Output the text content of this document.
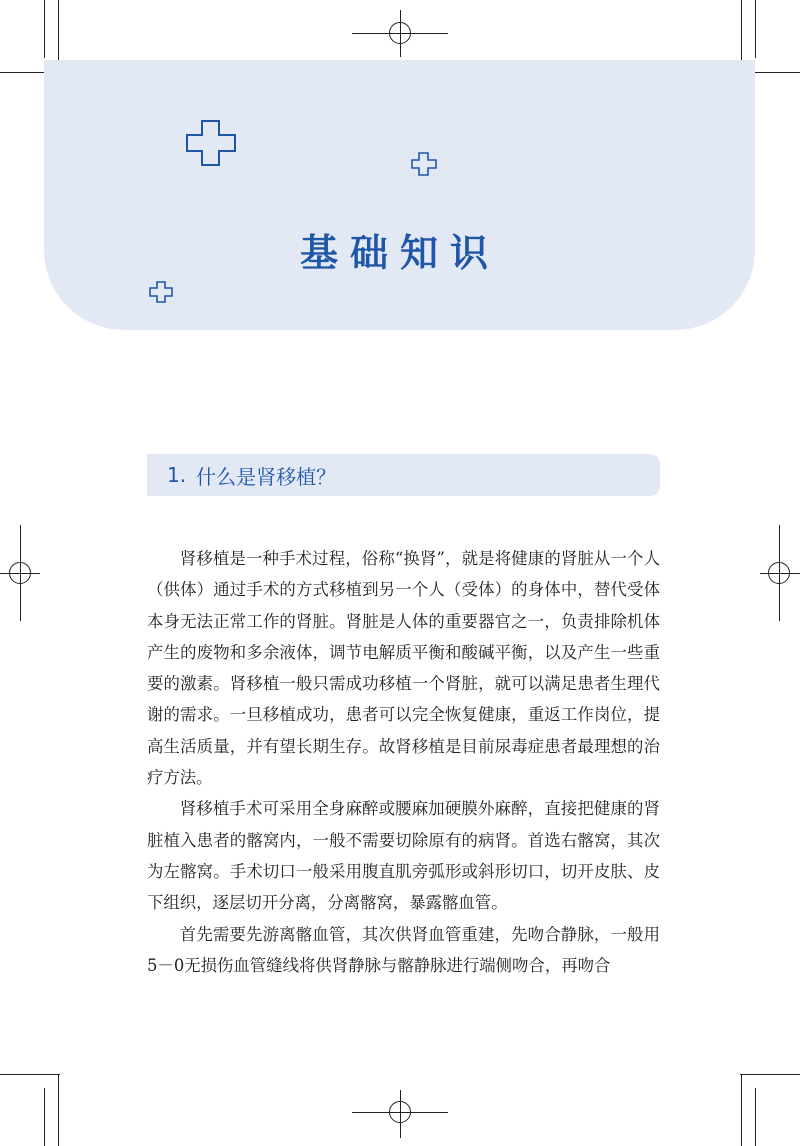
基础知识
1. 什么是肾移植？

肾移植是一种手术过程，俗称“换肾”，就是将健康的肾脏从一个人（供体）通过手术的方式移植到另一个人（受体）的身体中，替代受体本身无法正常工作的肾脏。肾脏是人体的重要器官之一，负责排除机体产生的废物和多余液体，调节电解质平衡和酸碱平衡，以及产生一些重要的激素。肾移植一般只需成功移植一个肾脏，就可以满足患者生理代谢的需求。一旦移植成功，患者可以完全恢复健康，重返工作岗位，提高生活质量，并有望长期生存。故肾移植是目前尿毒症患者最理想的治疗方法。

肾移植手术可采用全身麻醉或腰麻加硬膜外麻醉，直接把健康的肾脏植入患者的髂窝内，一般不需要切除原有的病肾。首选右髂窝，其次为左髂窝。手术切口一般采用腹直肌旁弧形或斜形切口，切开皮肤、皮下组织，逐层切开分离，分离髂窝，暴露髂血管。

首先需要先游离髂血管，其次供肾血管重建，先吻合静脉，一般用5－0无损伤血管缝线将供肾静脉与髂静脉进行端侧吻合，再吻合
